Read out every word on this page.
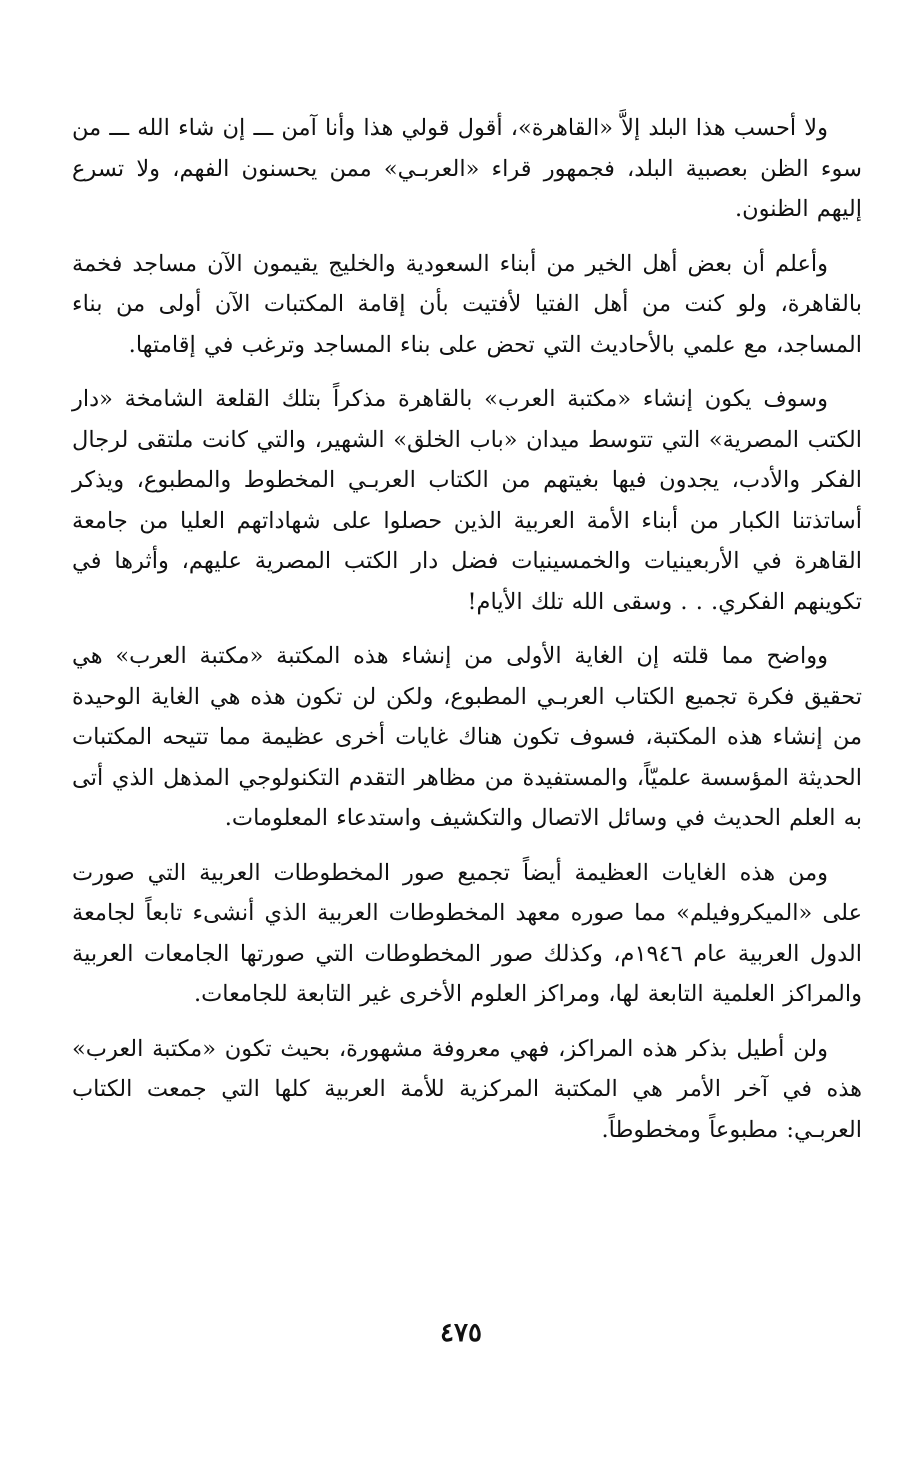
ولا أحسب هذا البلد إلاَّ «القاهرة»، أقول قولي هذا وأنا آمن ـــ إن شاء الله ـــ من سوء الظن بعصبية البلد، فجمهور قراء «العربـي» ممن يحسنون الفهم، ولا تسرع إليهم الظنون.

وأعلم أن بعض أهل الخير من أبناء السعودية والخليج يقيمون الآن مساجد فخمة بالقاهرة، ولو كنت من أهل الفتيا لأفتيت بأن إقامة المكتبات الآن أولى من بناء المساجد، مع علمي بالأحاديث التي تحض على بناء المساجد وترغب في إقامتها.

وسوف يكون إنشاء «مكتبة العرب» بالقاهرة مذكراً بتلك القلعة الشامخة «دار الكتب المصرية» التي تتوسط ميدان «باب الخلق» الشهير، والتي كانت ملتقى لرجال الفكر والأدب، يجدون فيها بغيتهم من الكتاب العربـي المخطوط والمطبوع، ويذكر أساتذتنا الكبار من أبناء الأمة العربية الذين حصلوا على شهاداتهم العليا من جامعة القاهرة في الأربعينيات والخمسينيات فضل دار الكتب المصرية عليهم، وأثرها في تكوينهم الفكري. . . وسقى الله تلك الأيام!

وواضح مما قلته إن الغاية الأولى من إنشاء هذه المكتبة «مكتبة العرب» هي تحقيق فكرة تجميع الكتاب العربـي المطبوع، ولكن لن تكون هذه هي الغاية الوحيدة من إنشاء هذه المكتبة، فسوف تكون هناك غايات أخرى عظيمة مما تتيحه المكتبات الحديثة المؤسسة علميّاً، والمستفيدة من مظاهر التقدم التكنولوجي المذهل الذي أتى به العلم الحديث في وسائل الاتصال والتكشيف واستدعاء المعلومات.

ومن هذه الغايات العظيمة أيضاً تجميع صور المخطوطات العربية التي صورت على «الميكروفيلم» مما صوره معهد المخطوطات العربية الذي أنشىء تابعاً لجامعة الدول العربية عام ١٩٤٦م، وكذلك صور المخطوطات التي صورتها الجامعات العربية والمراكز العلمية التابعة لها، ومراكز العلوم الأخرى غير التابعة للجامعات.

ولن أطيل بذكر هذه المراكز، فهي معروفة مشهورة، بحيث تكون «مكتبة العرب» هذه في آخر الأمر هي المكتبة المركزية للأمة العربية كلها التي جمعت الكتاب العربـي: مطبوعاً ومخطوطاً.

٤٧٥
